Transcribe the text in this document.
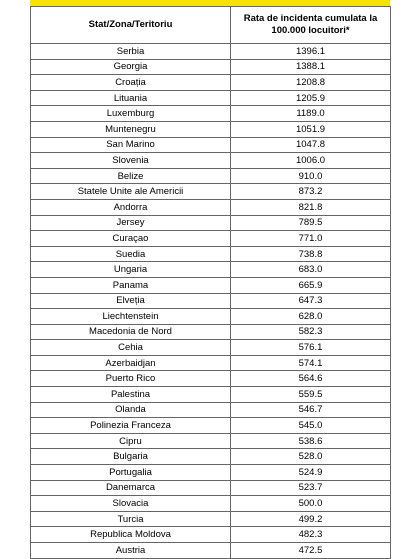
Stat/Zona/Teritoriu	Rata de incidenta cumulata la 100.000 locuitori*
Serbia	1396.1
Georgia	1388.1
Croația	1208.8
Lituania	1205.9
Luxemburg	1189.0
Muntenegru	1051.9
San Marino	1047.8
Slovenia	1006.0
Belize	910.0
Statele Unite ale Americii	873.2
Andorra	821.8
Jersey	789.5
Curaçao	771.0
Suedia	738.8
Ungaria	683.0
Panama	665.9
Elveția	647.3
Liechtenstein	628.0
Macedonia de Nord	582.3
Cehia	576.1
Azerbaidjan	574.1
Puerto Rico	564.6
Palestina	559.5
Olanda	546.7
Polinezia Franceza	545.0
Cipru	538.6
Bulgaria	528.0
Portugalia	524.9
Danemarca	523.7
Slovacia	500.0
Turcia	499.2
Republica Moldova	482.3
Austria	472.5
